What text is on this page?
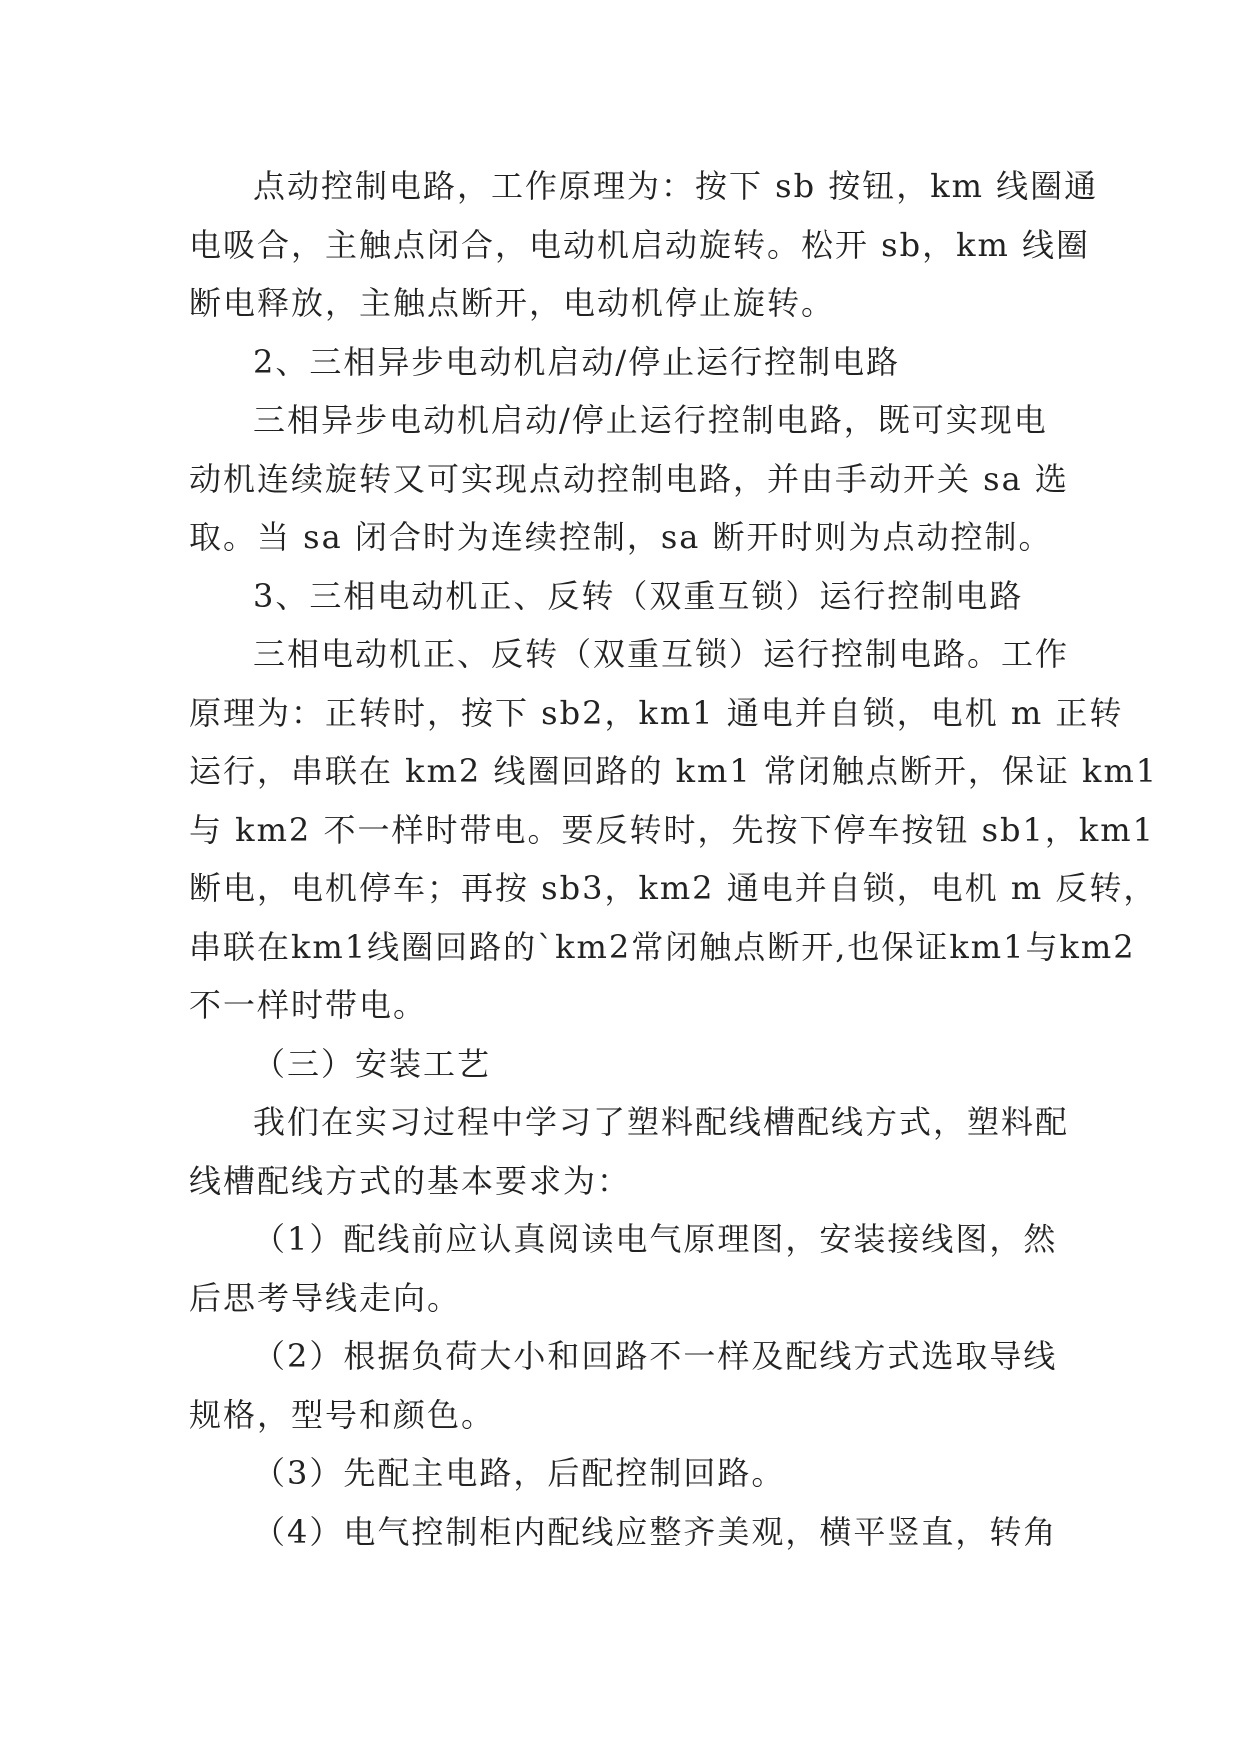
点动控制电路，工作原理为：按下 sb 按钮，km 线圈通
电吸合，主触点闭合，电动机启动旋转。松开 sb，km 线圈
断电释放，主触点断开，电动机停止旋转。
2、三相异步电动机启动/停止运行控制电路
三相异步电动机启动/停止运行控制电路，既可实现电
动机连续旋转又可实现点动控制电路，并由手动开关 sa 选
取。当 sa 闭合时为连续控制，sa 断开时则为点动控制。
3、三相电动机正、反转（双重互锁）运行控制电路
三相电动机正、反转（双重互锁）运行控制电路。工作
原理为：正转时，按下 sb2，km1 通电并自锁，电机 m 正转
运行，串联在 km2 线圈回路的 km1 常闭触点断开，保证 km1
与 km2 不一样时带电。要反转时，先按下停车按钮 sb1，km1
断电，电机停车；再按 sb3，km2 通电并自锁，电机 m 反转，
串联在km1线圈回路的`km2常闭触点断开,也保证km1与km2
不一样时带电。
（三）安装工艺
我们在实习过程中学习了塑料配线槽配线方式，塑料配
线槽配线方式的基本要求为：
（1）配线前应认真阅读电气原理图，安装接线图，然
后思考导线走向。
（2）根据负荷大小和回路不一样及配线方式选取导线
规格，型号和颜色。
（3）先配主电路，后配控制回路。
（4）电气控制柜内配线应整齐美观，横平竖直，转角
